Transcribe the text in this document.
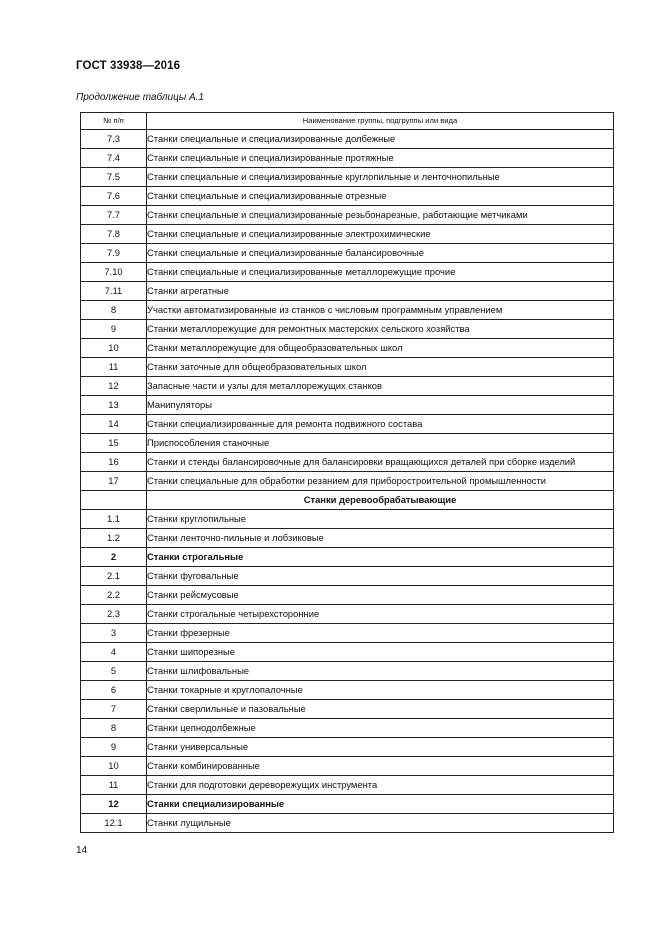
ГОСТ 33938—2016
Продолжение таблицы А.1
№ п/п	Наименование группы, подгруппы или вида
7.3	Станки специальные и специализированные долбежные
7.4	Станки специальные и специализированные протяжные
7.5	Станки специальные и специализированные круглопильные и ленточнопильные
7.6	Станки специальные и специализированные отрезные
7.7	Станки специальные и специализированные резьбонарезные, работающие метчиками
7.8	Станки специальные и специализированные электрохимические
7.9	Станки специальные и специализированные балансировочные
7.10	Станки специальные и специализированные металлорежущие прочие
7.11	Станки агрегатные
8	Участки автоматизированные из станков с числовым программным управлением
9	Станки металлорежущие для ремонтных мастерских сельского хозяйства
10	Станки металлорежущие для общеобразовательных школ
11	Станки заточные для общеобразовательных школ
12	Запасные части и узлы для металлорежущих станков
13	Манипуляторы
14	Станки специализированные для ремонта подвижного состава
15	Приспособления станочные
16	Станки и стенды балансировочные для балансировки вращающихся деталей при сборке изделий
17	Станки специальные для обработки резанием для приборостроительной промышленности
	Станки деревообрабатывающие
1.1	Станки круглопильные
1.2	Станки ленточно-пильные и лобзиковые
2	Станки строгальные
2.1	Станки фуговальные
2.2	Станки рейсмусовые
2.3	Станки строгальные четырехсторонние
3	Станки фрезерные
4	Станки шипорезные
5	Станки шлифовальные
6	Станки токарные и круглопалочные
7	Станки сверлильные и пазовальные
8	Станки цепнодолбежные
9	Станки универсальные
10	Станки комбинированные
11	Станки для подготовки дереворежущих инструмента
12	Станки специализированные
12.1	Станки лущильные
14
